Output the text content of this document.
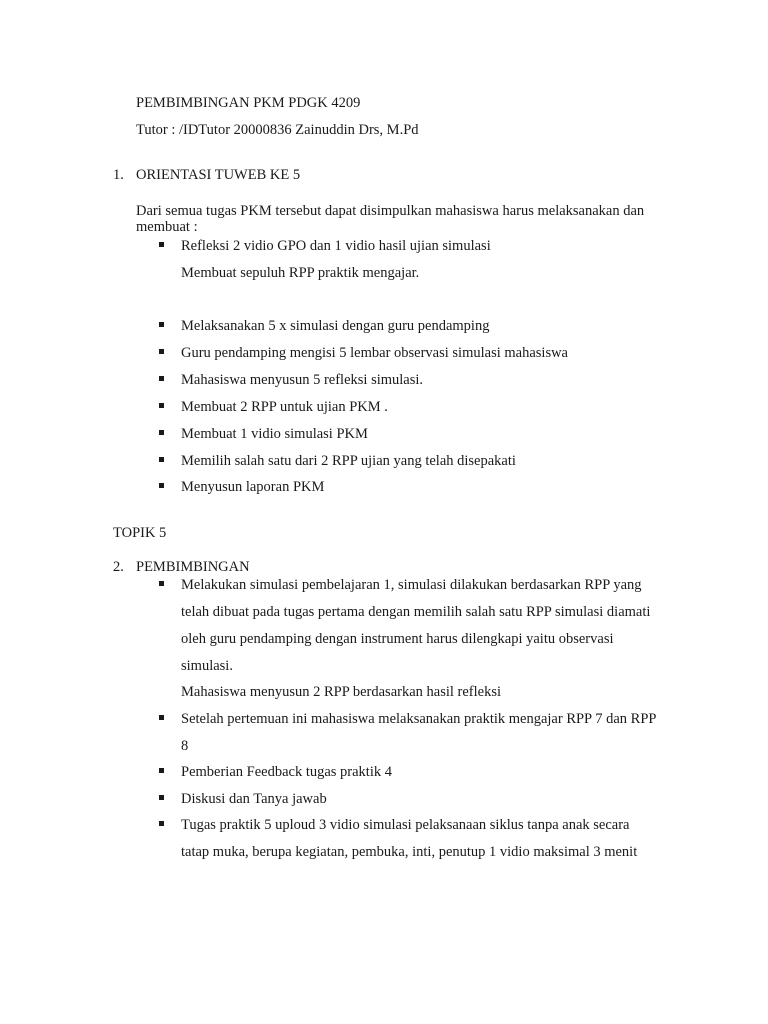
PEMBIMBINGAN PKM PDGK 4209
Tutor : /IDTutor 20000836 Zainuddin Drs, M.Pd
1. ORIENTASI TUWEB KE 5
Dari semua tugas PKM tersebut dapat disimpulkan mahasiswa harus melaksanakan dan
membuat :
Refleksi 2 vidio GPO dan 1 vidio hasil ujian simulasi
Membuat sepuluh RPP praktik mengajar.
Melaksanakan 5 x simulasi dengan guru pendamping
Guru pendamping mengisi 5 lembar observasi simulasi mahasiswa
Mahasiswa menyusun 5 refleksi simulasi.
Membuat 2 RPP untuk ujian PKM .
Membuat 1 vidio simulasi PKM
Memilih salah satu dari 2 RPP ujian yang telah disepakati
Menyusun laporan PKM
TOPIK 5
2. PEMBIMBINGAN
Melakukan simulasi pembelajaran 1, simulasi dilakukan berdasarkan RPP yang
telah dibuat pada tugas pertama dengan memilih salah satu RPP simulasi diamati
oleh guru pendamping dengan instrument harus dilengkapi yaitu observasi
simulasi.
Mahasiswa menyusun 2 RPP berdasarkan hasil refleksi
Setelah pertemuan ini mahasiswa melaksanakan praktik mengajar RPP 7 dan RPP
8
Pemberian Feedback tugas praktik 4
Diskusi dan Tanya jawab
Tugas praktik 5 uploud 3 vidio simulasi pelaksanaan siklus tanpa anak secara
tatap muka, berupa kegiatan, pembuka, inti, penutup 1 vidio maksimal 3 menit
